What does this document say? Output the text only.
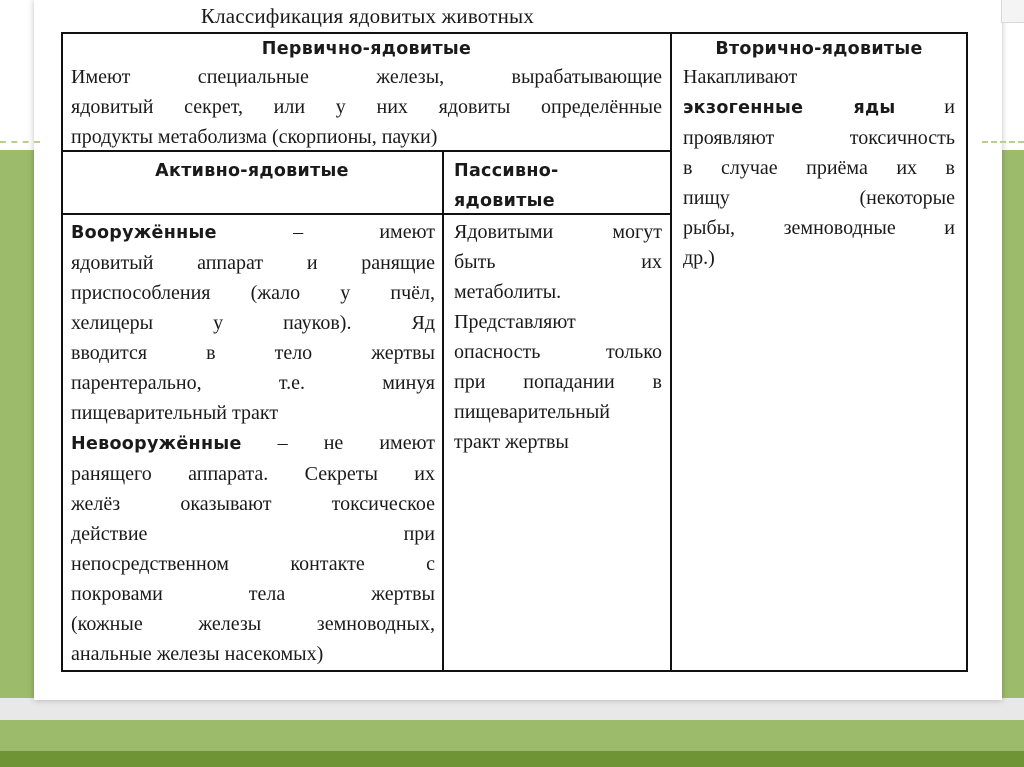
Классификация ядовитых животных
Первично-ядовитые
Имеют специальные железы, вырабатывающие
ядовитый секрет, или у них ядовиты определённые
продукты метаболизма (скорпионы, пауки)
Вторично-ядовитые
Накапливают
экзогенные яды и
проявляют токсичность
в случае приёма их в
пищу (некоторые
рыбы, земноводные и
др.)
Активно-ядовитые	Пассивно-
ядовитые
Вооружённые – имеют
ядовитый аппарат и ранящие
приспособления (жало у пчёл,
хелицеры у пауков). Яд
вводится в тело жертвы
парентерально, т.е. минуя
пищеварительный тракт
Невооружённые – не имеют
ранящего аппарата. Секреты их
желёз оказывают токсическое
действие при
непосредственном контакте с
покровами тела жертвы
(кожные железы земноводных,
анальные железы насекомых)
Ядовитыми могут
быть их
метаболиты.
Представляют
опасность только
при попадании в
пищеварительный
тракт жертвы
